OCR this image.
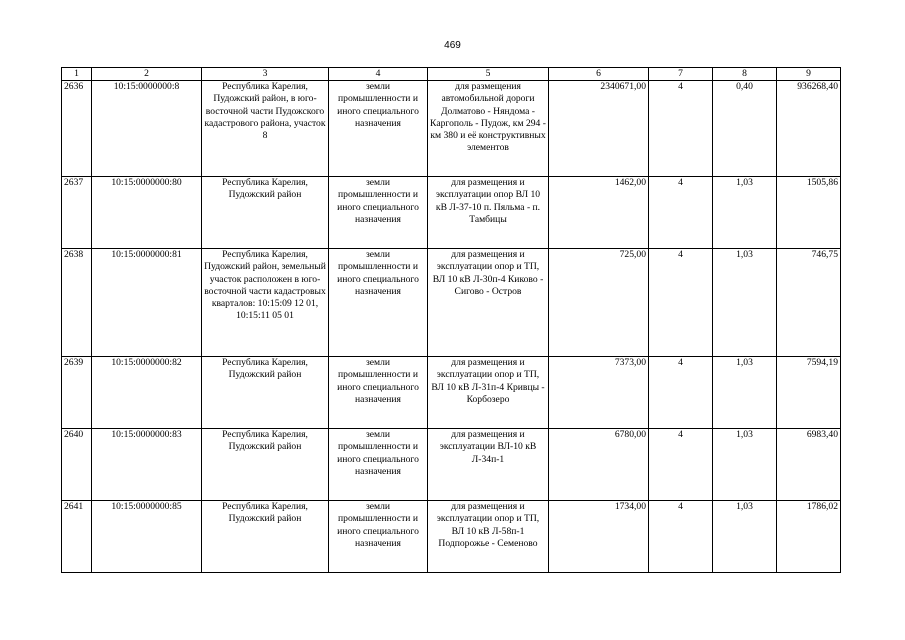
469
1	2	3	4	5	6	7	8	9
2636	10:15:0000000:8	Республика Карелия, Пудожский район, в юго-восточной части Пудожского кадастрового района, участок 8	земли промышленности и иного специального назначения	для размещения автомобильной дороги Долматово - Няндома - Каргополь - Пудож, км 294 - км 380 и её конструктивных элементов	2340671,00	4	0,40	936268,40
2637	10:15:0000000:80	Республика Карелия, Пудожский район	земли промышленности и иного специального назначения	для размещения и эксплуатации опор ВЛ 10 кВ Л-37-10 п. Пяльма - п. Тамбицы	1462,00	4	1,03	1505,86
2638	10:15:0000000:81	Республика Карелия, Пудожский район, земельный участок расположен в юго-восточной части кадастровых кварталов: 10:15:09 12 01, 10:15:11 05 01	земли промышленности и иного специального назначения	для размещения и эксплуатации опор и ТП, ВЛ 10 кВ Л-30п-4 Киково - Сигово - Остров	725,00	4	1,03	746,75
2639	10:15:0000000:82	Республика Карелия, Пудожский район	земли промышленности и иного специального назначения	для размещения и эксплуатации опор и ТП, ВЛ 10 кВ Л-31п-4 Кривцы - Корбозеро	7373,00	4	1,03	7594,19
2640	10:15:0000000:83	Республика Карелия, Пудожский район	земли промышленности и иного специального назначения	для размещения и эксплуатации ВЛ-10 кВ Л-34п-1	6780,00	4	1,03	6983,40
2641	10:15:0000000:85	Республика Карелия, Пудожский район	земли промышленности и иного специального назначения	для размещения и эксплуатации опор и ТП, ВЛ 10 кВ Л-58п-1 Подпорожье - Семеново	1734,00	4	1,03	1786,02
